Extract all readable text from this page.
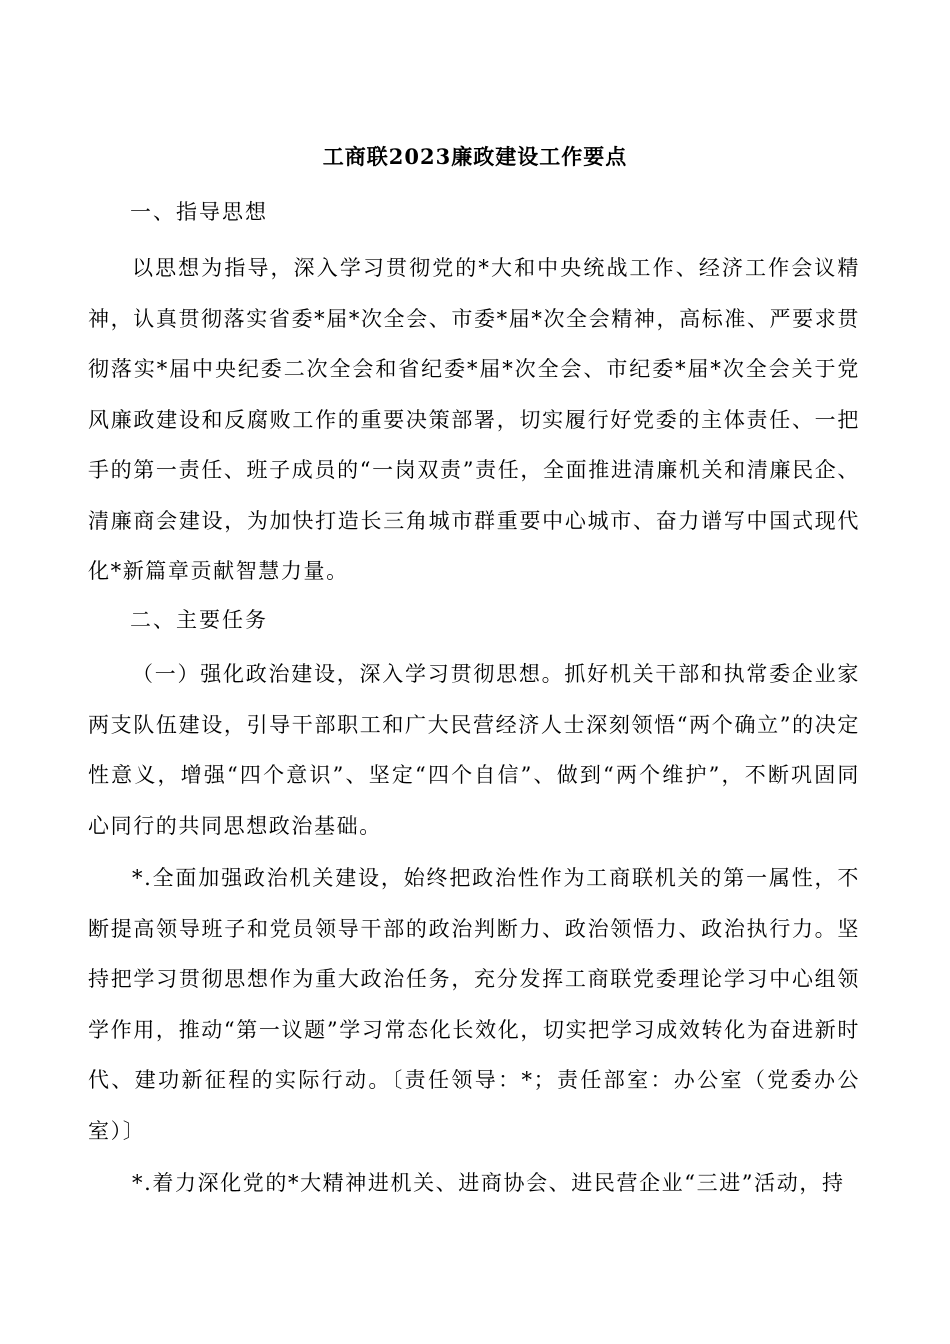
工商联2023廉政建设工作要点
一、指导思想

以思想为指导，深入学习贯彻党的*大和中央统战工作、经济工作会议精神，认真贯彻落实省委*届*次全会、市委*届*次全会精神，高标准、严要求贯彻落实*届中央纪委二次全会和省纪委*届*次全会、市纪委*届*次全会关于党风廉政建设和反腐败工作的重要决策部署，切实履行好党委的主体责任、一把手的第一责任、班子成员的“一岗双责”责任，全面推进清廉机关和清廉民企、清廉商会建设，为加快打造长三角城市群重要中心城市、奋力谱写中国式现代化*新篇章贡献智慧力量。

二、主要任务

（一）强化政治建设，深入学习贯彻思想。抓好机关干部和执常委企业家两支队伍建设，引导干部职工和广大民营经济人士深刻领悟“两个确立”的决定性意义，增强“四个意识”、坚定“四个自信”、做到“两个维护”，不断巩固同心同行的共同思想政治基础。

*.全面加强政治机关建设，始终把政治性作为工商联机关的第一属性，不断提高领导班子和党员领导干部的政治判断力、政治领悟力、政治执行力。坚持把学习贯彻思想作为重大政治任务，充分发挥工商联党委理论学习中心组领学作用，推动“第一议题”学习常态化长效化，切实把学习成效转化为奋进新时代、建功新征程的实际行动。〔责任领导：*；责任部室：办公室（党委办公室）〕

*.着力深化党的*大精神进机关、进商协会、进民营企业“三进”活动，持
